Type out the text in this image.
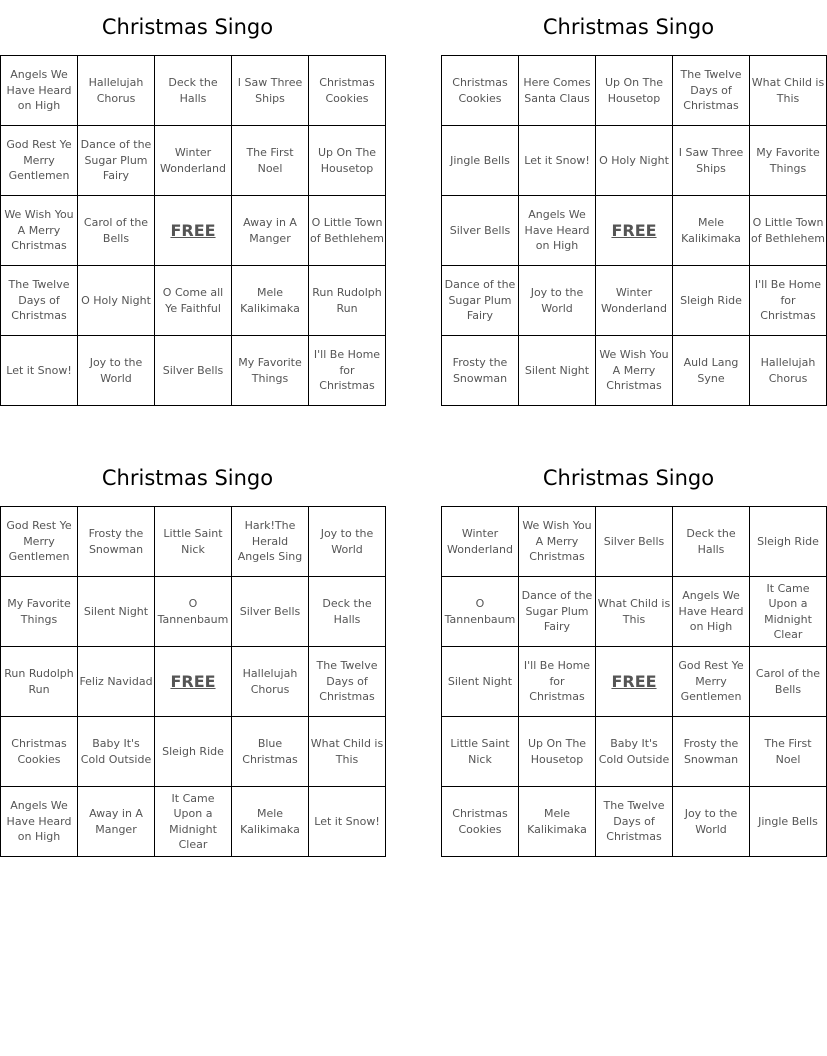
Christmas Singo
Angels We Have Heard on High	Hallelujah Chorus	Deck the Halls	I Saw Three Ships	Christmas Cookies
God Rest Ye Merry Gentlemen	Dance of the Sugar Plum Fairy	Winter Wonderland	The First Noel	Up On The Housetop
We Wish You A Merry Christmas	Carol of the Bells	FREE	Away in A Manger	O Little Town of Bethlehem
The Twelve Days of Christmas	O Holy Night	O Come all Ye Faithful	Mele Kalikimaka	Run Rudolph Run
Let it Snow!	Joy to the World	Silver Bells	My Favorite Things	I'll Be Home for Christmas
Christmas Singo
Christmas Cookies	Here Comes Santa Claus	Up On The Housetop	The Twelve Days of Christmas	What Child is This
Jingle Bells	Let it Snow!	O Holy Night	I Saw Three Ships	My Favorite Things
Silver Bells	Angels We Have Heard on High	FREE	Mele Kalikimaka	O Little Town of Bethlehem
Dance of the Sugar Plum Fairy	Joy to the World	Winter Wonderland	Sleigh Ride	I'll Be Home for Christmas
Frosty the Snowman	Silent Night	We Wish You A Merry Christmas	Auld Lang Syne	Hallelujah Chorus
Christmas Singo
God Rest Ye Merry Gentlemen	Frosty the Snowman	Little Saint Nick	Hark!The Herald Angels Sing	Joy to the World
My Favorite Things	Silent Night	O Tannenbaum	Silver Bells	Deck the Halls
Run Rudolph Run	Feliz Navidad	FREE	Hallelujah Chorus	The Twelve Days of Christmas
Christmas Cookies	Baby It's Cold Outside	Sleigh Ride	Blue Christmas	What Child is This
Angels We Have Heard on High	Away in A Manger	It Came Upon a Midnight Clear	Mele Kalikimaka	Let it Snow!
Christmas Singo
Winter Wonderland	We Wish You A Merry Christmas	Silver Bells	Deck the Halls	Sleigh Ride
O Tannenbaum	Dance of the Sugar Plum Fairy	What Child is This	Angels We Have Heard on High	It Came Upon a Midnight Clear
Silent Night	I'll Be Home for Christmas	FREE	God Rest Ye Merry Gentlemen	Carol of the Bells
Little Saint Nick	Up On The Housetop	Baby It's Cold Outside	Frosty the Snowman	The First Noel
Christmas Cookies	Mele Kalikimaka	The Twelve Days of Christmas	Joy to the World	Jingle Bells
